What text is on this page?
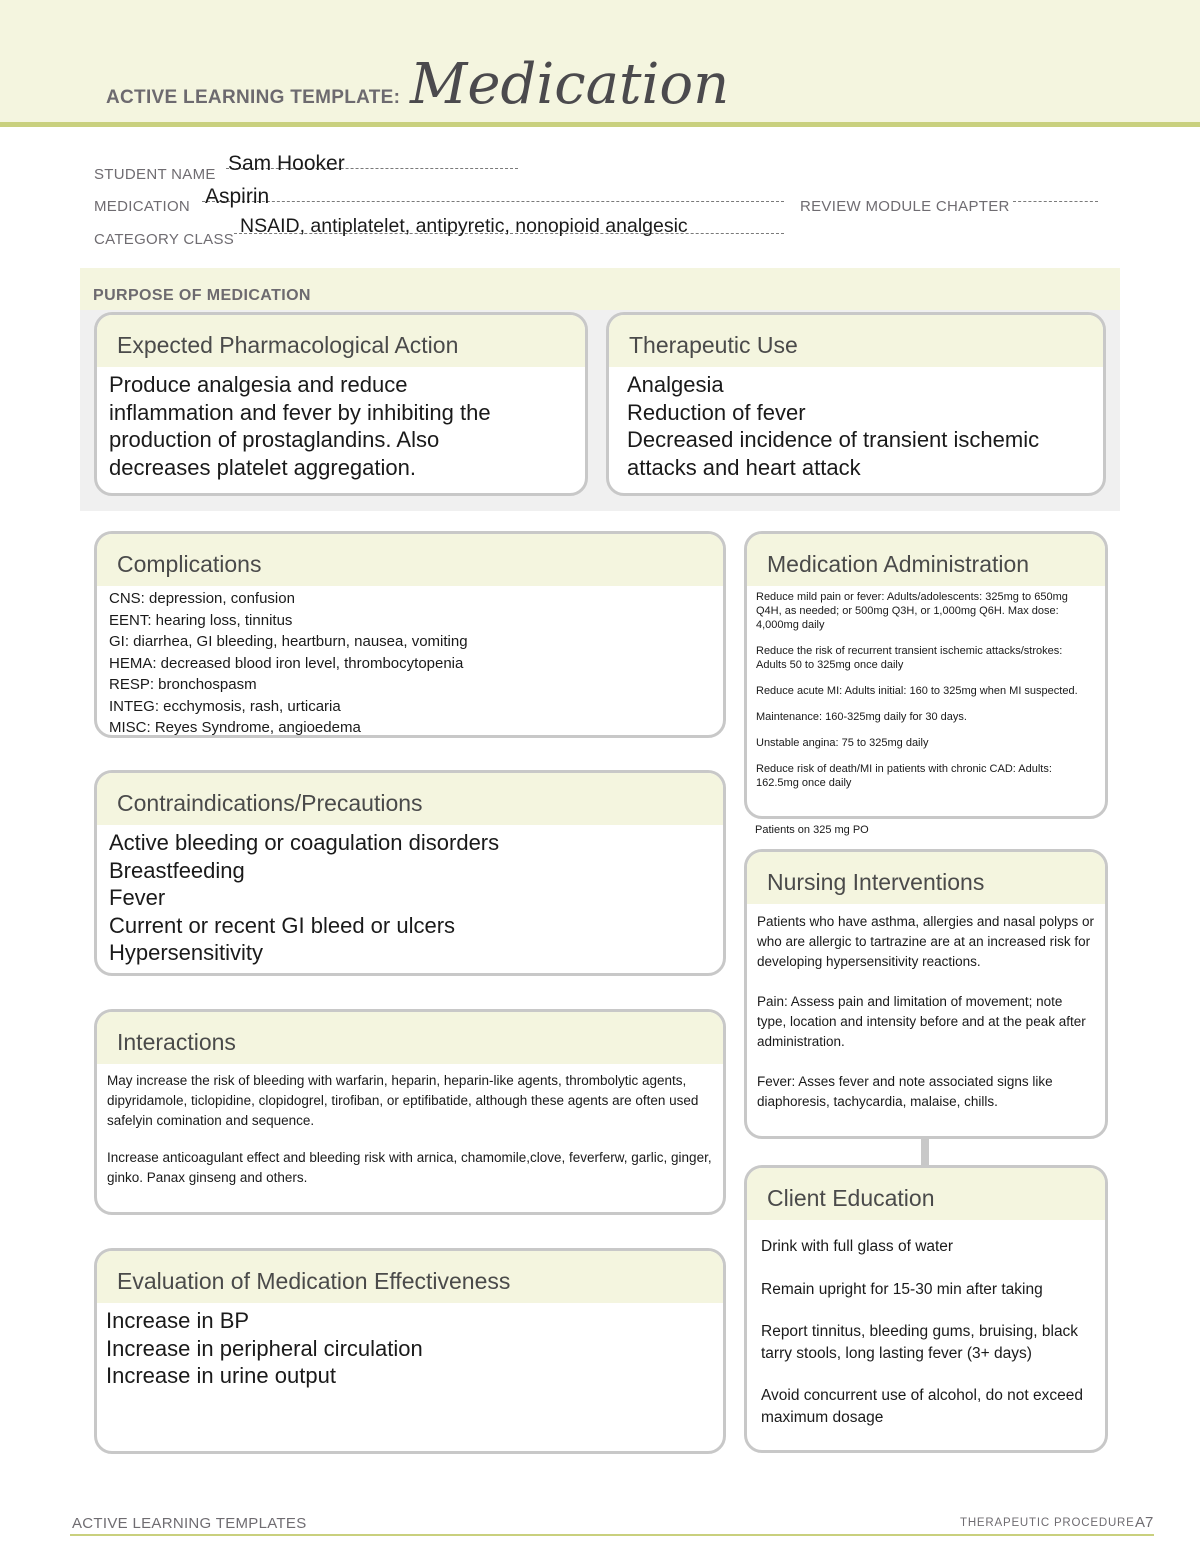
ACTIVE LEARNING TEMPLATE: Medication
STUDENT NAME Sam Hooker
MEDICATION Aspirin	REVIEW MODULE CHAPTER
CATEGORY CLASS
NSAID, antiplatelet, antipyretic, nonopioid analgesic
PURPOSE OF MEDICATION
Expected Pharmacological Action
Produce analgesia and reduce
inflammation and fever by inhibiting the
production of prostaglandins. Also
decreases platelet aggregation.
Therapeutic Use
Analgesia
Reduction of fever
Decreased incidence of transient ischemic
attacks and heart attack
Complications
CNS: depression, confusion
EENT: hearing loss, tinnitus
GI: diarrhea, GI bleeding, heartburn, nausea, vomiting
HEMA: decreased blood iron level, thrombocytopenia
RESP: bronchospasm
INTEG: ecchymosis, rash, urticaria
MISC: Reyes Syndrome, angioedema
Medication Administration

Reduce mild pain or fever: Adults/adolescents: 325mg to 650mg Q4H, as needed; or 500mg Q3H, or 1,000mg Q6H. Max dose: 4,000mg daily

Reduce the risk of recurrent transient ischemic attacks/strokes: Adults 50 to 325mg once daily

Reduce acute MI: Adults initial: 160 to 325mg when MI suspected.

Maintenance: 160-325mg daily for 30 days.

Unstable angina: 75 to 325mg daily

Reduce risk of death/MI in patients with chronic CAD: Adults: 162.5mg once daily

Patients on 325 mg PO
Contraindications/Precautions
Active bleeding or coagulation disorders
Breastfeeding
Fever
Current or recent GI bleed or ulcers
Hypersensitivity
Nursing Interventions

Patients who have asthma, allergies and nasal polyps or who are allergic to tartrazine are at an increased risk for developing hypersensitivity reactions.

Pain: Assess pain and limitation of movement; note type, location and intensity before and at the peak after administration.

Fever: Asses fever and note associated signs like diaphoresis, tachycardia, malaise, chills.

Interactions

May increase the risk of bleeding with warfarin, heparin, heparin-like agents, thrombolytic agents, dipyridamole, ticlopidine, clopidogrel, tirofiban, or eptifibatide, although these agents are often used safelyin comination and sequence.

Increase anticoagulant effect and bleeding risk with arnica, chamomile,clove, feverferw, garlic, ginger, ginko. Panax ginseng and others.

Client Education

Drink with full glass of water

Remain upright for 15-30 min after taking

Report tinnitus, bleeding gums, bruising, black tarry stools, long lasting fever (3+ days)

Avoid concurrent use of alcohol, do not exceed maximum dosage

Evaluation of Medication Effectiveness
Increase in BP
Increase in peripheral circulation
Increase in urine output
ACTIVE LEARNING TEMPLATES	THERAPEUTIC PROCEDURE A7
